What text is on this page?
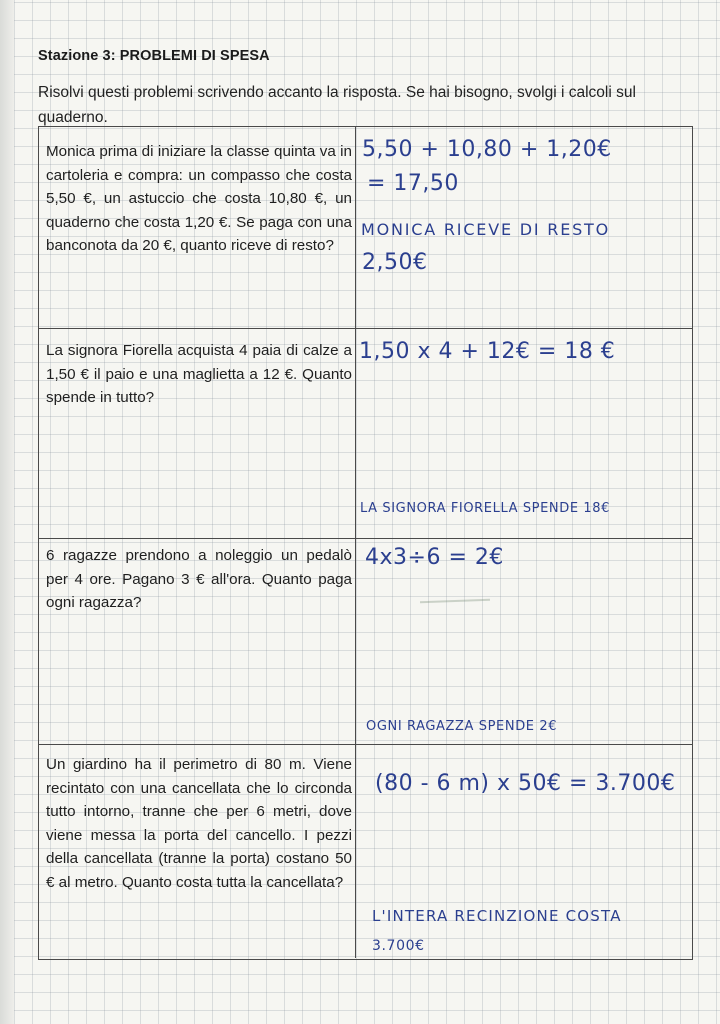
Stazione 3: PROBLEMI DI SPESA
Risolvi questi problemi scrivendo accanto la risposta. Se hai bisogno, svolgi i calcoli sul quaderno.
Monica prima di iniziare la classe quinta va in cartoleria e compra: un compasso che costa 5,50 €, un astuccio che costa 10,80 €, un quaderno che costa 1,20 €. Se paga con una banconota da 20 €, quanto riceve di resto?
5,50 + 10,80 + 1,20€
= 17,50
MONICA RICEVE DI RESTO
2,50€
La signora Fiorella acquista 4 paia di calze a 1,50 € il paio e una maglietta a 12 €. Quanto spende in tutto?
1,50 x 4 + 12€ = 18 €
LA SIGNORA FIORELLA SPENDE 18€
6 ragazze prendono a noleggio un pedalò per 4 ore. Pagano 3 € all'ora. Quanto paga ogni ragazza?
4x3÷6 = 2€
OGNI RAGAZZA SPENDE 2€
Un giardino ha il perimetro di 80 m. Viene recintato con una cancellata che lo circonda tutto intorno, tranne che per 6 metri, dove viene messa la porta del cancello. I pezzi della cancellata (tranne la porta) costano 50 € al metro. Quanto costa tutta la cancellata?
(80 - 6 m) x 50€ = 3.700€
L'INTERA RECINZIONE COSTA
3.700€
